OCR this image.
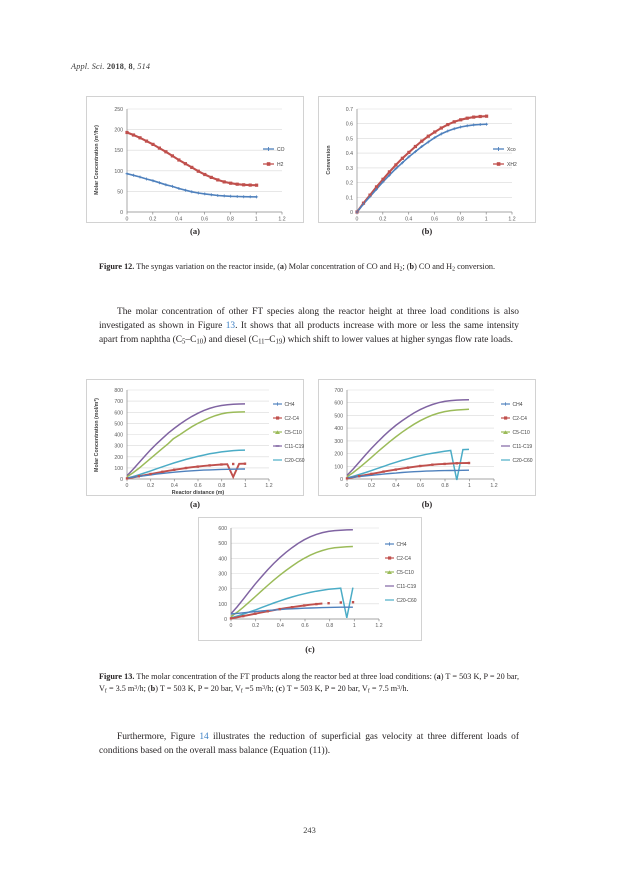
Appl. Sci. 2018, 8, 514
250
200
150
100
50
0
0	0.2	0.4	0.6	0.8	1	1.2
Molar Concentration (m³/hr)	CO
H2
(a)
0.7
0.6
0.5
0.4
0.3
0.2
0.1
0
0	0.2	0.4	0.6	0.8	1	1.2
Conversion	Xco
XH2
(b)
Figure 12. The syngas variation on the reactor inside, (a) Molar concentration of CO and $H_2$; (b) CO and $H_2$ conversion.
The molar concentration of other FT species along the reactor height at three load conditions is also investigated as shown in Figure 13. It shows that all products increase with more or less the same intensity apart from naphtha $(C_5-C_{10})$ and diesel $(C_{11}-C_{19})$ which shift to lower values at higher syngas flow rate loads.
800
700
600
500
400
300
200
100
0
0	0.2	0.4	0.6	0.8	1	1.2
Reactor distance (m)
Molar Concentration (mol/m³)	CH4
C2-C4
C5-C10
C11-C19
C20-C60
(a)
700
600
500
400
300
200
100
0
0	0.2	0.4	0.6	0.8	1	1.2
CH4
C2-C4
C5-C10
C11-C19
C20-C60
(b)
600
500
400
300
200
100
0
0	0.2	0.4	0.6	0.8	1	1.2
CH4
C2-C4
C5-C10
C11-C19
C20-C60
(c)
Figure 13. The molar concentration of the FT products along the reactor bed at three load conditions: (a) T = 503 K, P = 20 bar, $V_f = 3.5$ $m^3/h$; (b) T = 503 K, P = 20 bar, $V_f =5$ $m^3/h$; (c) T = 503 K, P = 20 bar, $V_f = 7.5$ $m^3/h$.
Furthermore, Figure 14 illustrates the reduction of superficial gas velocity at three different loads of conditions based on the overall mass balance (Equation (11)).
243
